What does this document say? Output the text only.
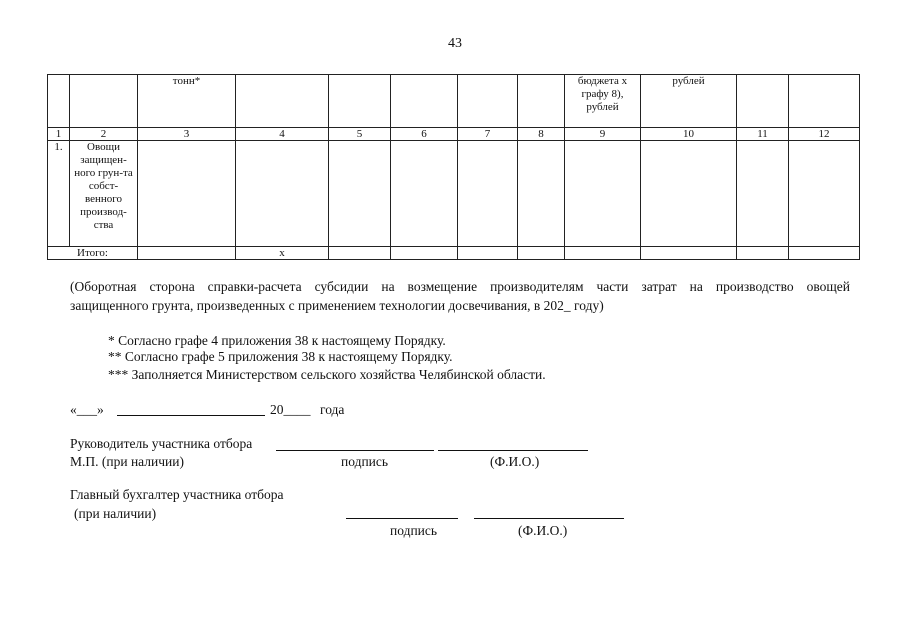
43
		тонн*						бюджета х графу 8), рублей	рублей		
1	2	3	4	5	6	7	8	9	10	11	12
1.	Овощи защищен-ного грун-та собст-венного производ-ства										
Итого:			x								
(Оборотная сторона справки-расчета субсидии на возмещение производителям части затрат на производство овощей
защищенного грунта, произведенных с применением технологии досвечивания, в 202_ году)
* Согласно графе 4 приложения 38 к настоящему Порядку.
** Согласно графе 5 приложения 38 к настоящему Порядку.
*** Заполняется Министерством сельского хозяйства Челябинской области.
«___»	20____ года
Руководитель участника отбора
М.П. (при наличии)	подпись	(Ф.И.О.)
Главный бухгалтер участника отбора
(при наличии)
подпись	(Ф.И.О.)
